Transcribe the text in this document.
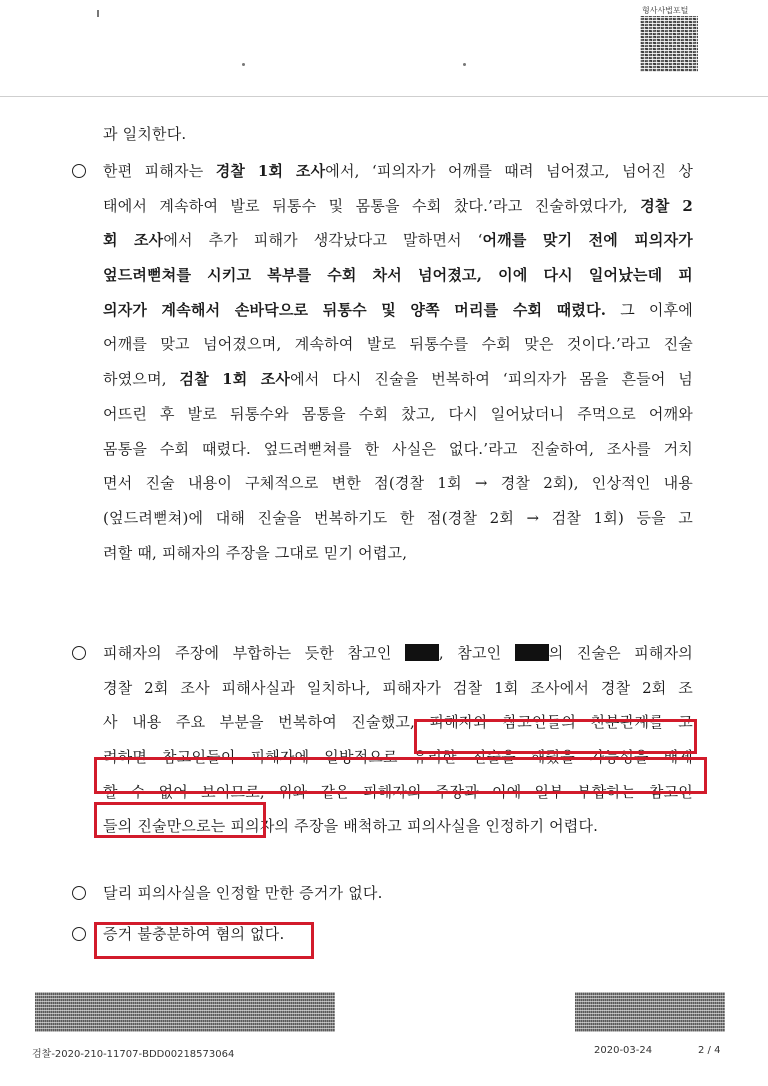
형사사법포털
과 일치한다.
한편 피해자는 경찰 1회 조사에서, ‘피의자가 어깨를 때려 넘어졌고, 넘어진 상
태에서 계속하여 발로 뒤통수 및 몸통을 수회 찼다.’라고 진술하였다가, 경찰 2
회 조사에서 추가 피해가 생각났다고 말하면서 ‘어깨를 맞기 전에 피의자가
엎드려뻗쳐를 시키고 복부를 수회 차서 넘어졌고, 이에 다시 일어났는데 피
의자가 계속해서 손바닥으로 뒤통수 및 양쪽 머리를 수회 때렸다. 그 이후에
어깨를 맞고 넘어졌으며, 계속하여 발로 뒤통수를 수회 맞은 것이다.’라고 진술
하였으며, 검찰 1회 조사에서 다시 진술을 번복하여 ‘피의자가 몸을 흔들어 넘
어뜨린 후 발로 뒤통수와 몸통을 수회 찼고, 다시 일어났더니 주먹으로 어깨와
몸통을 수회 때렸다. 엎드려뻗쳐를 한 사실은 없다.’라고 진술하여, 조사를 거치
면서 진술 내용이 구체적으로 변한 점(경찰 1회 → 경찰 2회), 인상적인 내용
(엎드려뻗쳐)에 대해 진술을 번복하기도 한 점(경찰 2회 → 검찰 1회) 등을 고
려할 때, 피해자의 주장을 그대로 믿기 어렵고,
피해자의 주장에 부합하는 듯한 참고인 , 참고인 의 진술은 피해자의
경찰 2회 조사 피해사실과 일치하나, 피해자가 검찰 1회 조사에서 경찰 2회 조
사 내용 주요 부분을 번복하여 진술했고, 피해자와 참고인들의 친분관계를 고
려하면 참고인들이 피해자에 일방적으로 유리한 진술을 해줬을 가능성을 배제
할 수 없어 보이므로, 위와 같은 피해자의 주장과 이에 일부 부합하는 참고인
들의 진술만으로는 피의자의 주장을 배척하고 피의사실을 인정하기 어렵다.
달리 피의사실을 인정할 만한 증거가 없다.
증거 불충분하여 혐의 없다.
검찰-2020-210-11707-BDD00218573064	2020-03-24	2 / 4
